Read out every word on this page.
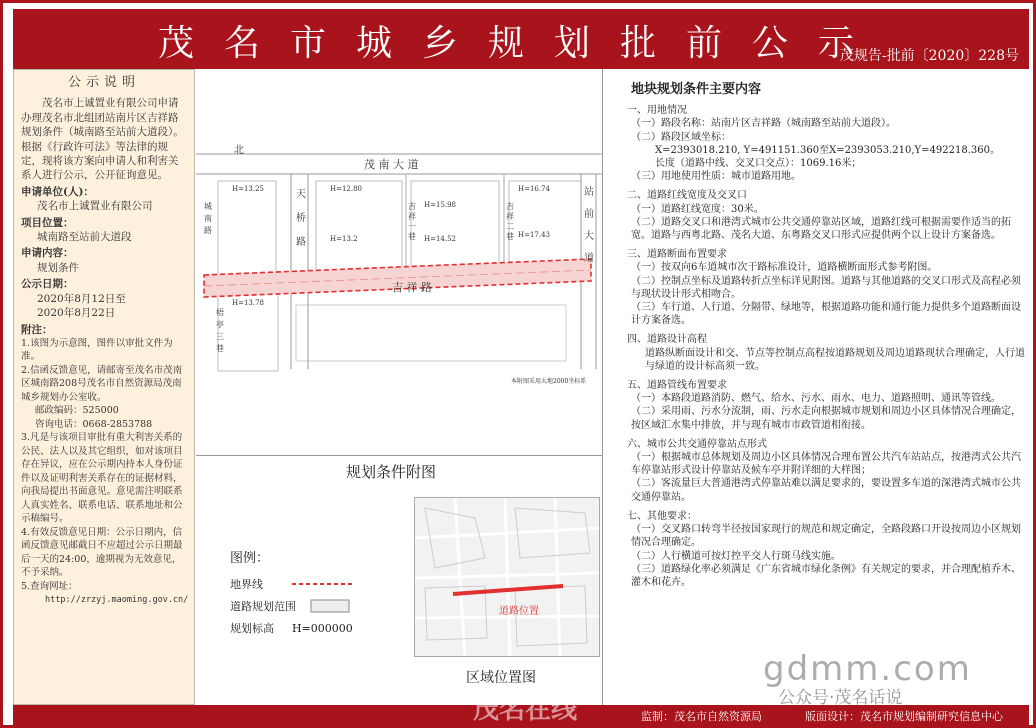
茂名市城乡规划批前公示
茂规告-批前〔2020〕228号
公示说明
茂名市上诚置业有限公司申请办理茂名市北组团站南片区吉祥路规划条件（城南路至站前大道段）。根据《行政许可法》等法律的规定，现将该方案向申请人和利害关系人进行公示，公开征询意见。
申请单位(人)：
茂名市上诚置业有限公司
项目位置：
城南路至站前大道段
申请内容：
规划条件
公示日期：
2020年8月12日至
2020年8月22日
附注：
1.该图为示意图，图件以审批文件为准。
2.信函反馈意见，请邮寄至茂名市茂南区城南路208号茂名市自然资源局茂南城乡规划办公室收。
邮政编码：525000
咨询电话：0668-2853788
3.凡是与该项目审批有重大利害关系的公民、法人以及其它组织，如对该项目存在异议，应在公示期内持本人身份证件以及证明利害关系存在的证据材料，向我局提出书面意见。意见需注明联系人真实姓名、联系电话、联系地址和公示稿编号。
4.有效反馈意见日期：公示日期内，信函反馈意见邮截日不应超过公示日期最后一天的24:00，逾期视为无效意见，不予采纳。
5.查询网址：
http://zrzyj.maoming.gov.cn/
北
茂 南 大 道
吉 祥 路
天
桥
路
城
南
路
站
前
大
道
吉
祥
一
巷
吉
祥
二
巷
梧
亭
三
巷
H=13.25	H=12.80
H=15.98
H=16.74
H=13.2	H=14.52	H=17.43
H=13.78
本附图采用大地2000坐标系
规划条件附图
图例：
地界线
道路规划范围
规划标高	H=000000
道路位置
区域位置图
地块规划条件主要内容
一、用地情况
（一）路段名称：站南片区吉祥路（城南路至站前大道段）。
（二）路段区域坐标：
X=2393018.210, Y=491151.360至X=2393053.210,Y=492218.360。
长度（道路中线、交叉口交点）：1069.16米；
（三）用地使用性质：城市道路用地。
二、道路红线宽度及交叉口
（一）道路红线宽度：30米。
（二）道路交叉口和港湾式城市公共交通停靠站区域，道路红线可根据需要作适当的拓宽。道路与西粤北路、茂名大道、东粤路交叉口形式应提供两个以上设计方案备选。
三、道路断面布置要求
（一）按双向6车道城市次干路标准设计，道路横断面形式参考附图。
（二）控制点坐标及道路转折点坐标详见附图。道路与其他道路的交叉口形式及高程必须与现状设计形式相吻合。
（三）车行道、人行道、分隔带、绿地等，根据道路功能和通行能力提供多个道路断面设计方案备选。
四、道路设计高程
道路纵断面设计和交、节点等控制点高程按道路规划及周边道路现状合理确定，人行道与绿道的设计标高须一致。
五、道路管线布置要求
（一）本路段道路消防、燃气、给水、污水、雨水、电力、道路照明、通讯等管线。
（二）采用雨、污水分流制，雨、污水走向根据城市规划和周边小区具体情况合理确定，按区域汇水集中排放，并与现有城市市政管道相衔接。
六、城市公共交通停靠站点形式
（一）根据城市总体规划及周边小区具体情况合理布置公共汽车站站点，按港湾式公共汽车停靠站形式设计停靠站及候车亭并附详细的大样图；
（二）客流量巨大普通港湾式停靠站难以满足要求的，要设置多车道的深港湾式城市公共交通停靠站。
七、其他要求：
（一）交叉路口转弯半径按国家现行的规范和规定确定，全路段路口开设按周边小区规划情况合理确定。
（二）人行横道可按灯控平交人行斑马线实施。
（三）道路绿化率必须满足《广东省城市绿化条例》有关规定的要求，并合理配植乔木、灌木和花卉。
监制：茂名市自然资源局	版面设计：茂名市规划编制研究信息中心
gdmm.com
公众号·茂名话说
茂名在线
